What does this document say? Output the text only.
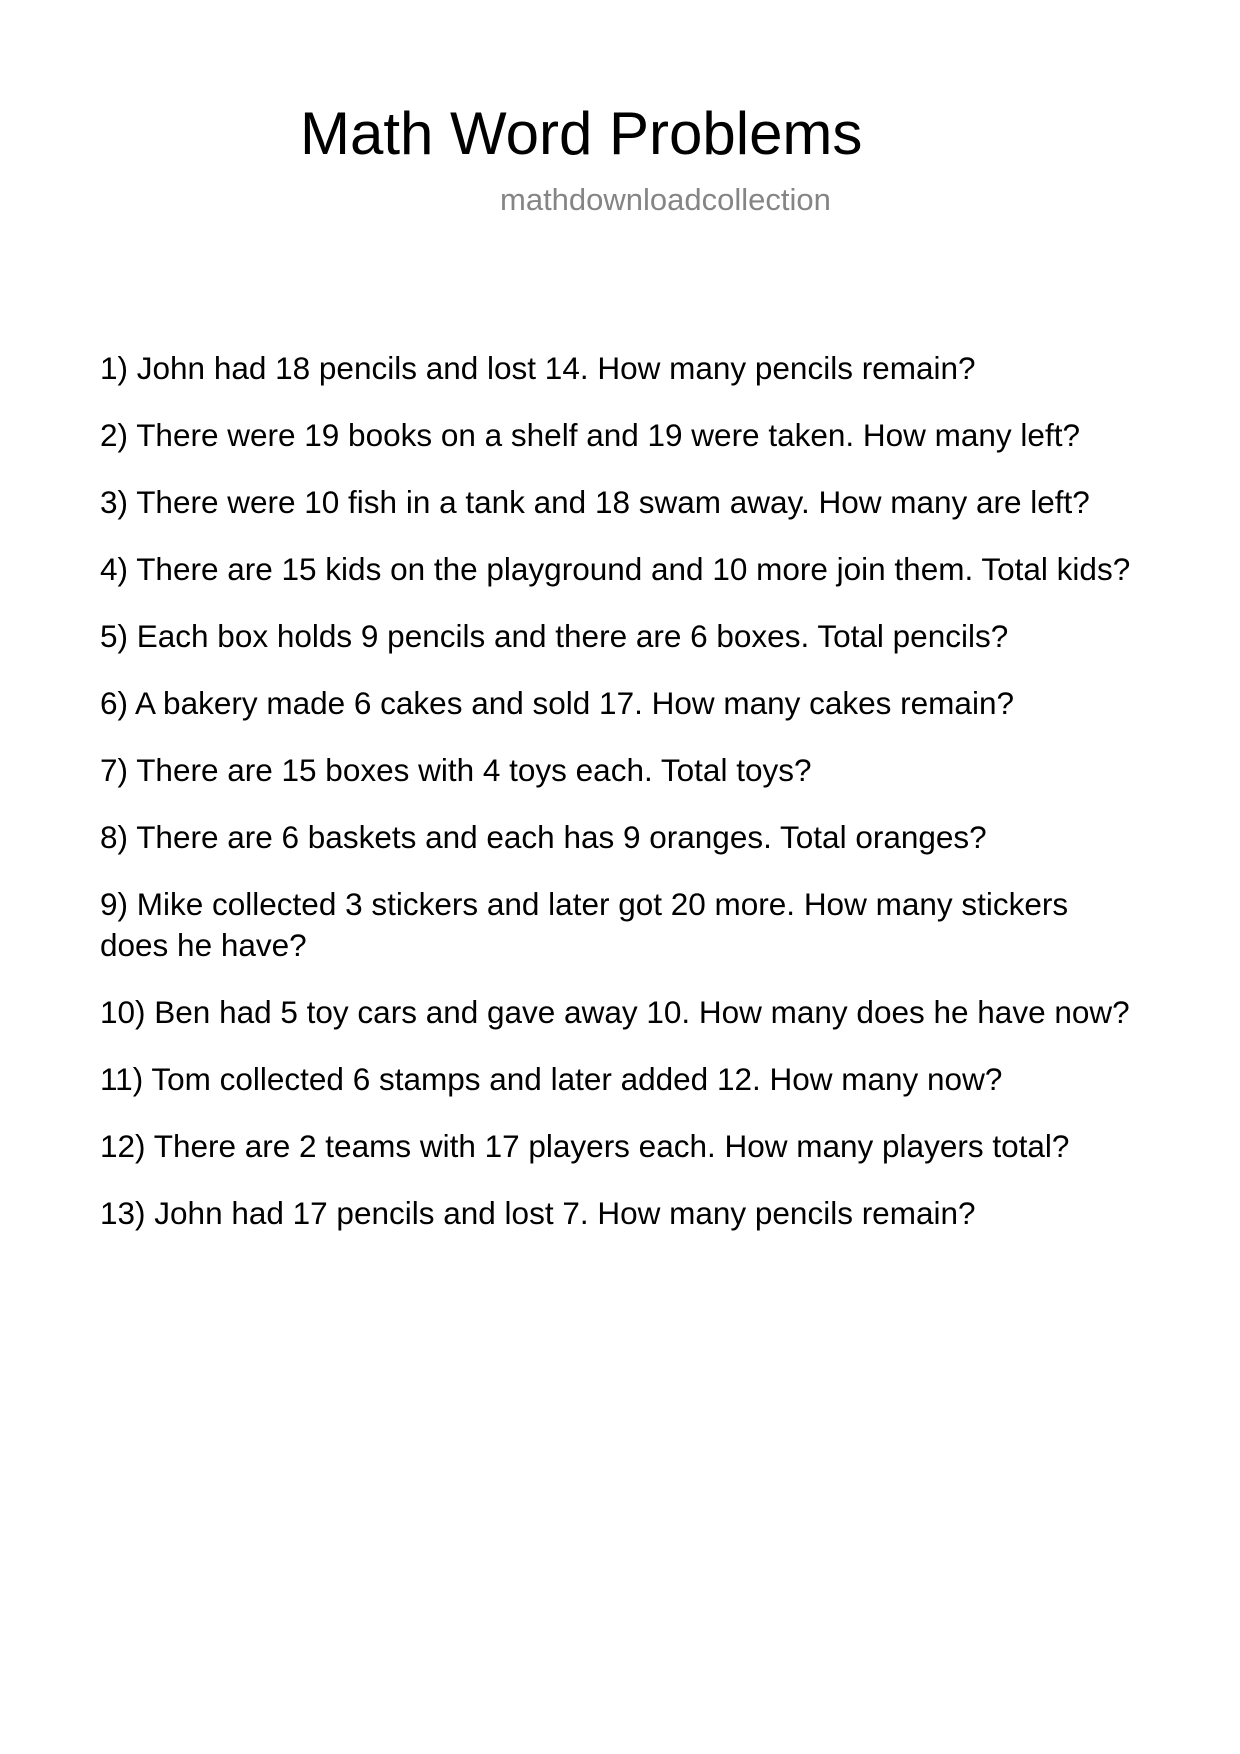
Math Word Problems
mathdownloadcollection
1) John had 18 pencils and lost 14. How many pencils remain?
2) There were 19 books on a shelf and 19 were taken. How many left?
3) There were 10 fish in a tank and 18 swam away. How many are left?
4) There are 15 kids on the playground and 10 more join them. Total kids?
5) Each box holds 9 pencils and there are 6 boxes. Total pencils?
6) A bakery made 6 cakes and sold 17. How many cakes remain?
7) There are 15 boxes with 4 toys each. Total toys?
8) There are 6 baskets and each has 9 oranges. Total oranges?
9) Mike collected 3 stickers and later got 20 more. How many stickers does he have?
10) Ben had 5 toy cars and gave away 10. How many does he have now?
11) Tom collected 6 stamps and later added 12. How many now?
12) There are 2 teams with 17 players each. How many players total?
13) John had 17 pencils and lost 7. How many pencils remain?
